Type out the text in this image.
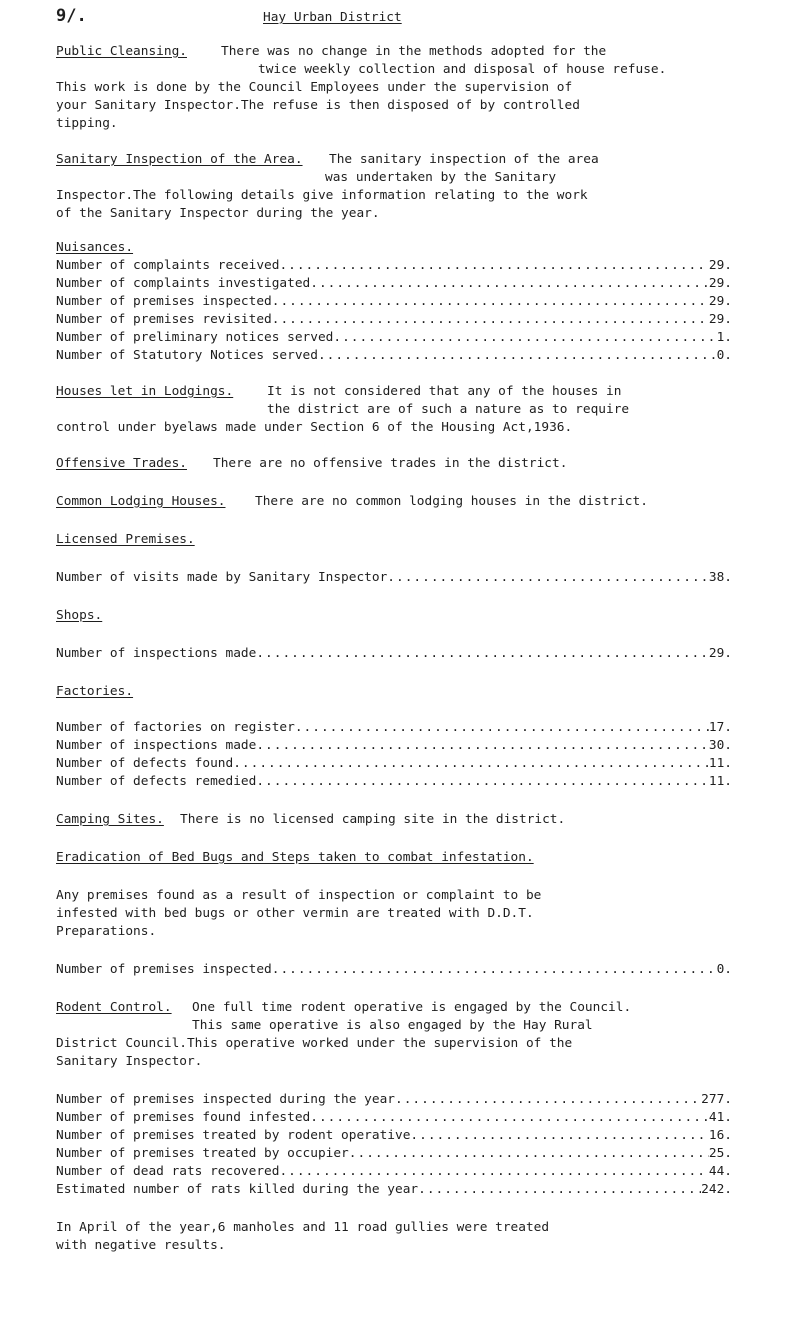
9/.	Hay Urban District
Public Cleansing.	There was no change in the methods adopted for the
twice weekly collection and disposal of house refuse.
This work is done by the Council Employees under the supervision of
your Sanitary Inspector.The refuse is then disposed of by controlled
tipping.
Sanitary Inspection of the Area. The sanitary inspection of the area
was undertaken by the Sanitary
Inspector.The following details give information relating to the work
of the Sanitary Inspector during the year.
Nuisances.
Number of complaints received .....	29.
Number of complaints investigated .....	29.
Number of premises inspected .....	29.
Number of premises revisited .....	29.
Number of preliminary notices served .....	1.
Number of Statutory Notices served .....	0.
Houses let in Lodgings.	It is not considered that any of the houses in
the district are of such a nature as to require
control under byelaws made under Section 6 of the Housing Act,1936.
Offensive Trades. There are no offensive trades in the district.
Common Lodging Houses. There are no common lodging houses in the district.
Licensed Premises.
Number of visits made by Sanitary Inspector .....	38.
Shops.
Number of inspections made .....	29.
Factories.
Number of factories on register .....	17.
Number of inspections made .....	30.
Number of defects found .....	11.
Number of defects remedied .....	11.
Camping Sites. There is no licensed camping site in the district.
Eradication of Bed Bugs and Steps taken to combat infestation.
Any premises found as a result of inspection or complaint to be
infested with bed bugs or other vermin are treated with D.D.T.
Preparations.
Number of premises inspected .....	0.
Rodent Control. One full time rodent operative is engaged by the Council.
This same operative is also engaged by the Hay Rural
District Council.This operative worked under the supervision of the
Sanitary Inspector.
Number of premises inspected during the year .....	277.
Number of premises found infested .....	41.
Number of premises treated by rodent operative .....	16.
Number of premises treated by occupier .....	25.
Number of dead rats recovered .....	44.
Estimated number of rats killed during the year .....	242.
In April of the year,6 manholes and 11 road gullies were treated
with negative results.
